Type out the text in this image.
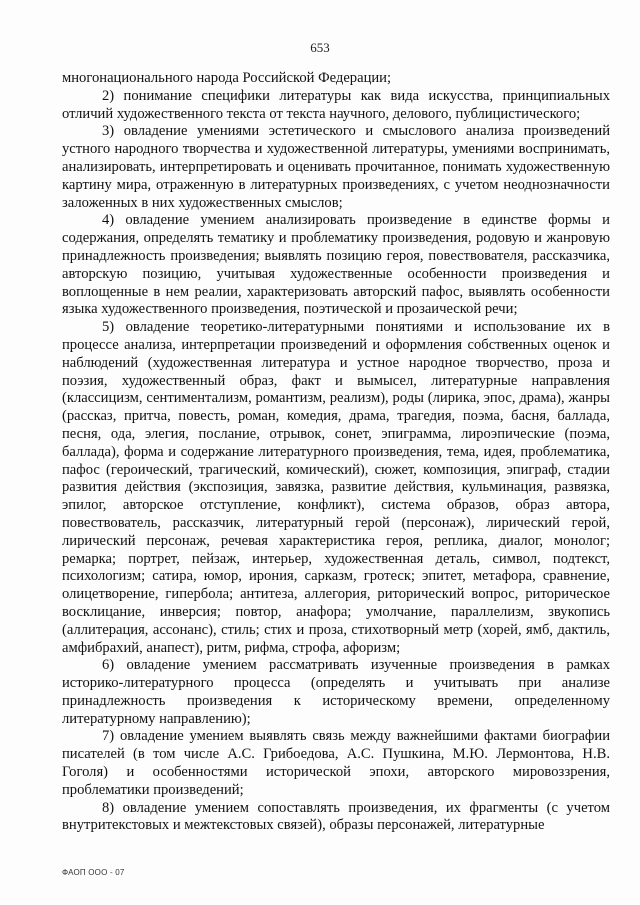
653

многонационального народа Российской Федерации;

2) понимание специфики литературы как вида искусства, принципиальных отличий художественного текста от текста научного, делового, публицистического;

3) овладение умениями эстетического и смыслового анализа произведений устного народного творчества и художественной литературы, умениями воспринимать, анализировать, интерпретировать и оценивать прочитанное, понимать художественную картину мира, отраженную в литературных произведениях, с учетом неоднозначности заложенных в них художественных смыслов;

4) овладение умением анализировать произведение в единстве формы и содержания, определять тематику и проблематику произведения, родовую и жанровую принадлежность произведения; выявлять позицию героя, повествователя, рассказчика, авторскую позицию, учитывая художественные особенности произведения и воплощенные в нем реалии, характеризовать авторский пафос, выявлять особенности языка художественного произведения, поэтической и прозаической речи;

5) овладение теоретико-литературными понятиями и использование их в процессе анализа, интерпретации произведений и оформления собственных оценок и наблюдений (художественная литература и устное народное творчество, проза и поэзия, художественный образ, факт и вымысел, литературные направления (классицизм, сентиментализм, романтизм, реализм), роды (лирика, эпос, драма), жанры (рассказ, притча, повесть, роман, комедия, драма, трагедия, поэма, басня, баллада, песня, ода, элегия, послание, отрывок, сонет, эпиграмма, лироэпические (поэма, баллада), форма и содержание литературного произведения, тема, идея, проблематика, пафос (героический, трагический, комический), сюжет, композиция, эпиграф, стадии развития действия (экспозиция, завязка, развитие действия, кульминация, развязка, эпилог, авторское отступление, конфликт), система образов, образ автора, повествователь, рассказчик, литературный герой (персонаж), лирический герой, лирический персонаж, речевая характеристика героя, реплика, диалог, монолог; ремарка; портрет, пейзаж, интерьер, художественная деталь, символ, подтекст, психологизм; сатира, юмор, ирония, сарказм, гротеск; эпитет, метафора, сравнение, олицетворение, гипербола; антитеза, аллегория, риторический вопрос, риторическое восклицание, инверсия; повтор, анафора; умолчание, параллелизм, звукопись (аллитерация, ассонанс), стиль; стих и проза, стихотворный метр (хорей, ямб, дактиль, амфибрахий, анапест), ритм, рифма, строфа, афоризм;

6) овладение умением рассматривать изученные произведения в рамках историко-литературного процесса (определять и учитывать при анализе принадлежность произведения к историческому времени, определенному литературному направлению);

7) овладение умением выявлять связь между важнейшими фактами биографии писателей (в том числе А.С. Грибоедова, А.С. Пушкина, М.Ю. Лермонтова, Н.В. Гоголя) и особенностями исторической эпохи, авторского мировоззрения, проблематики произведений;

8) овладение умением сопоставлять произведения, их фрагменты (с учетом внутритекстовых и межтекстовых связей), образы персонажей, литературные

ФАОП ООО - 07
